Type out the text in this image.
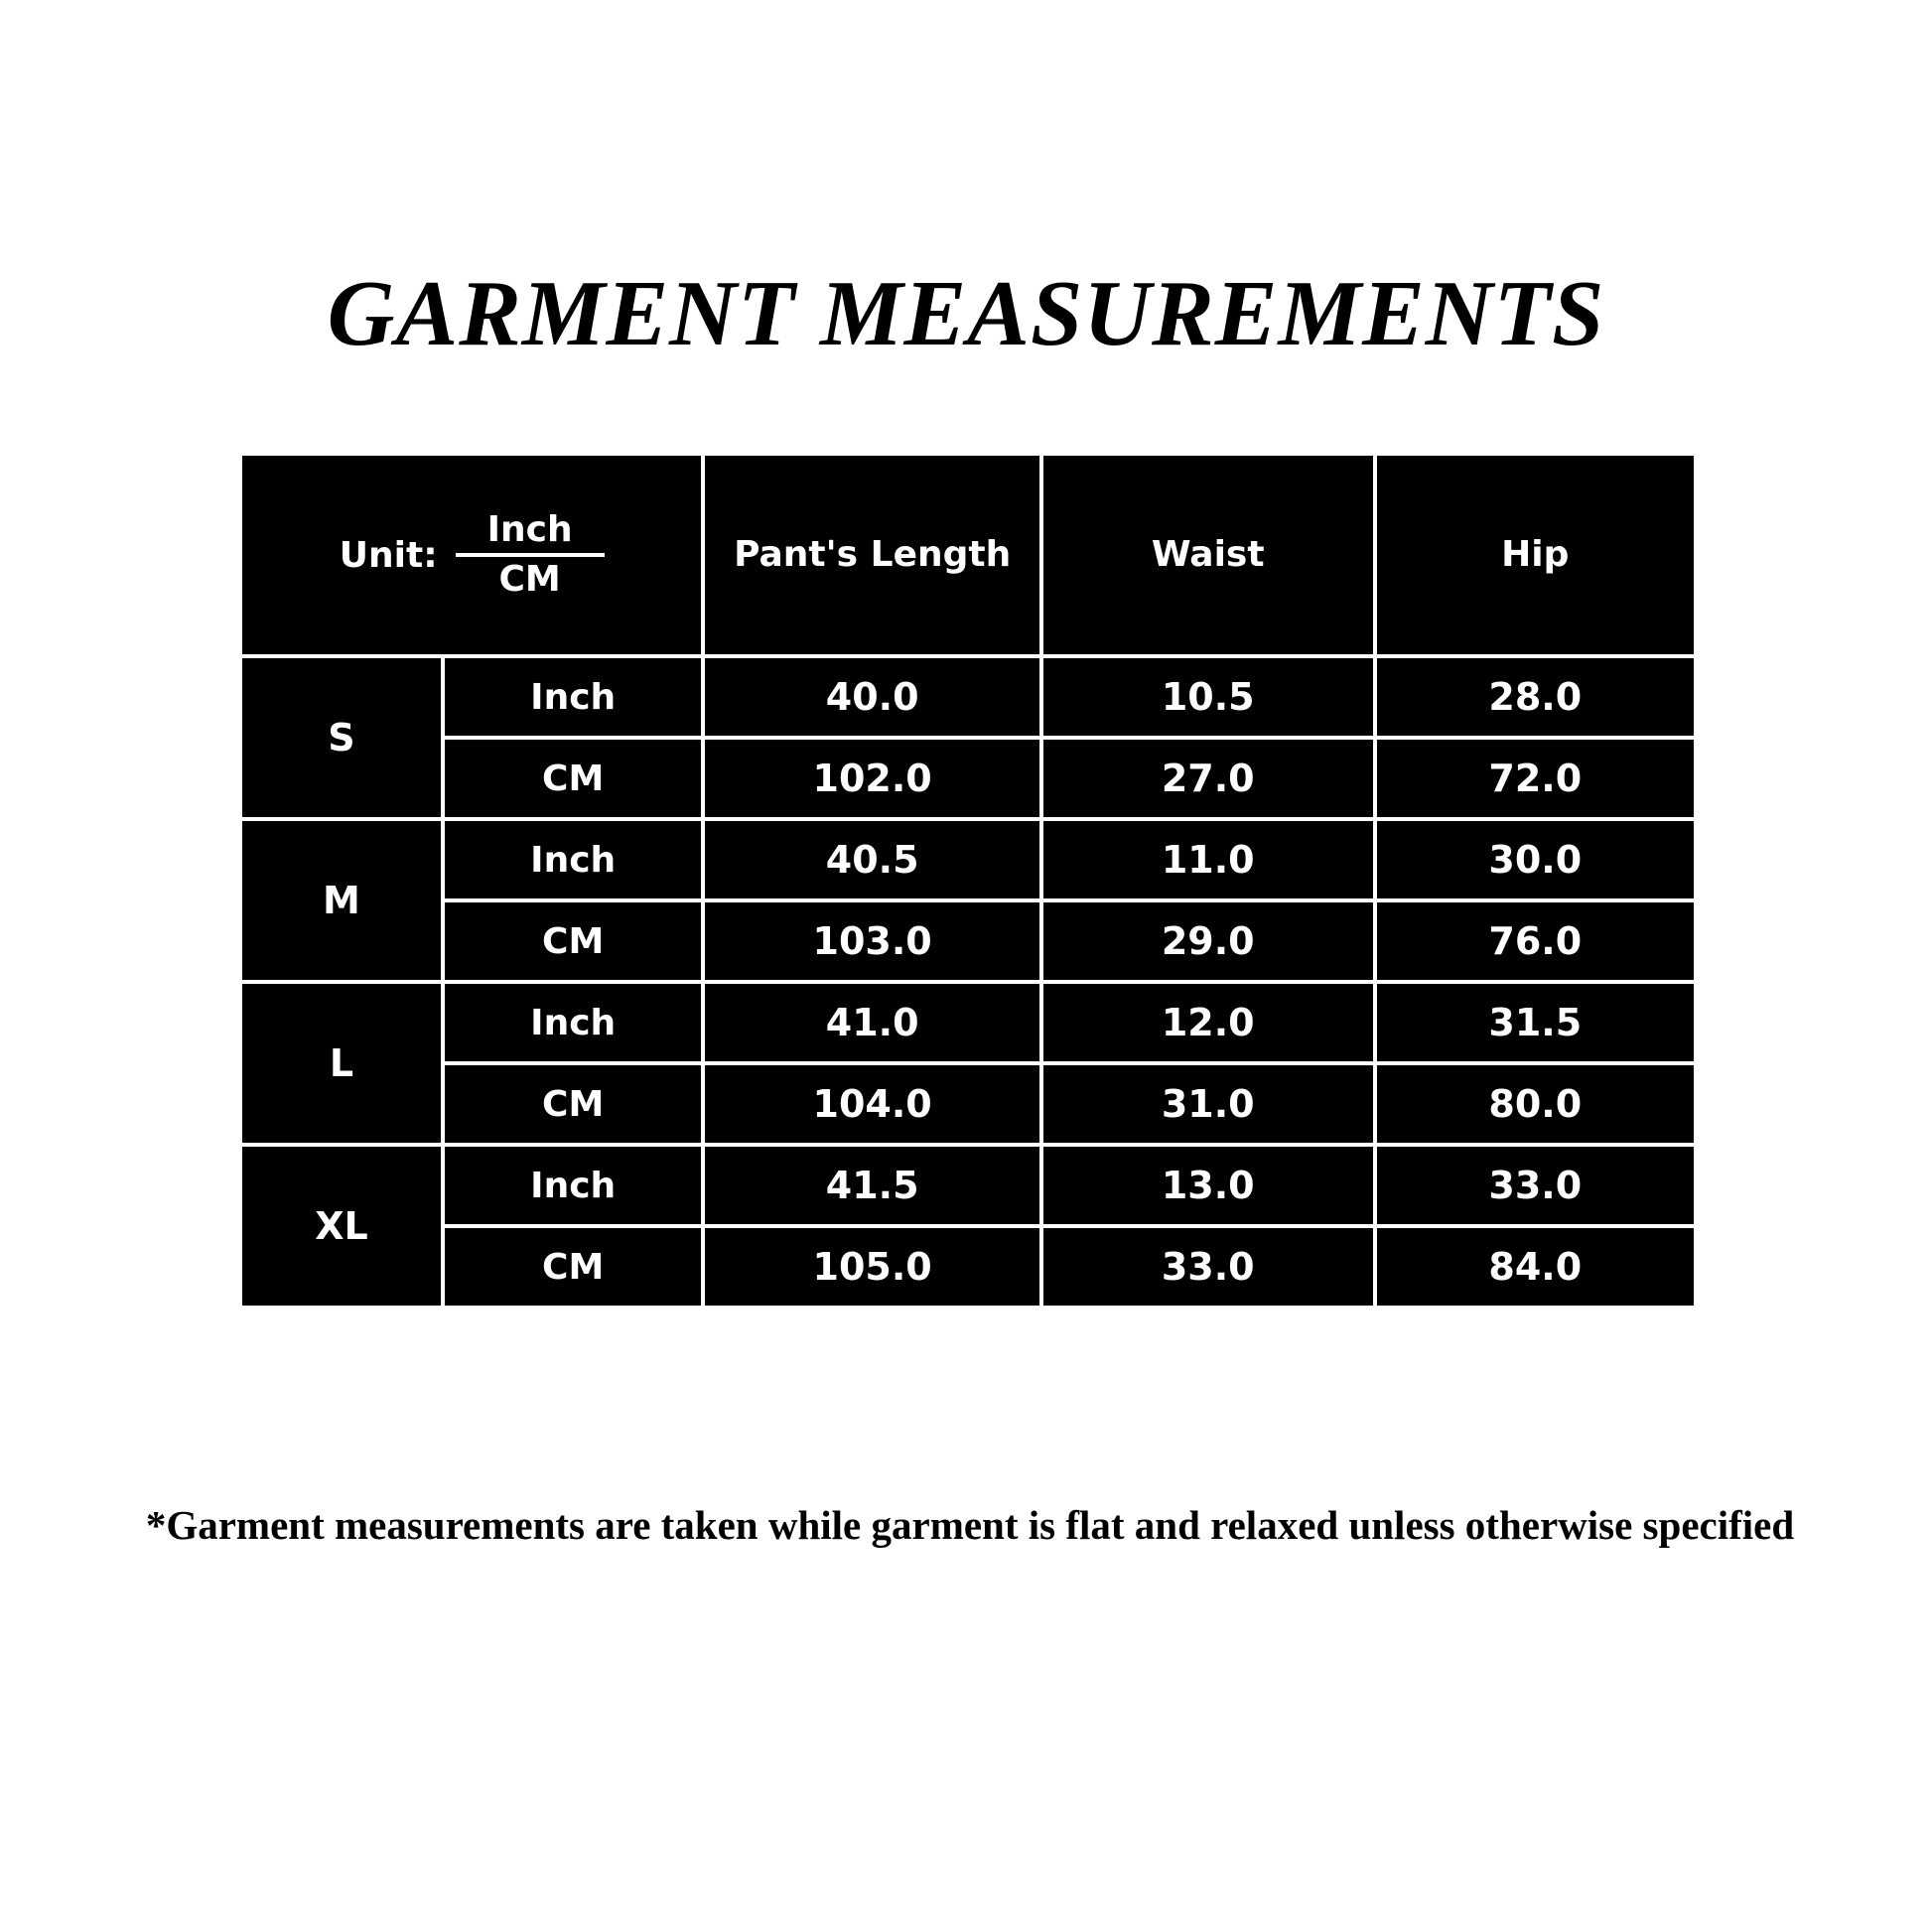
GARMENT MEASUREMENTS
Unit: $\frac{\text{Inch}}{CM}$		Pant's Length	Waist	Hip
S	Inch	40.0	10.5	28.0
	CM	102.0	27.0	72.0
M	Inch	40.5	11.0	30.0
	CM	103.0	29.0	76.0
L	Inch	41.0	12.0	31.5
	CM	104.0	31.0	80.0
XL	Inch	41.5	13.0	33.0
	CM	105.0	33.0	84.0
*Garment measurements are taken while garment is flat and relaxed unless otherwise specified
